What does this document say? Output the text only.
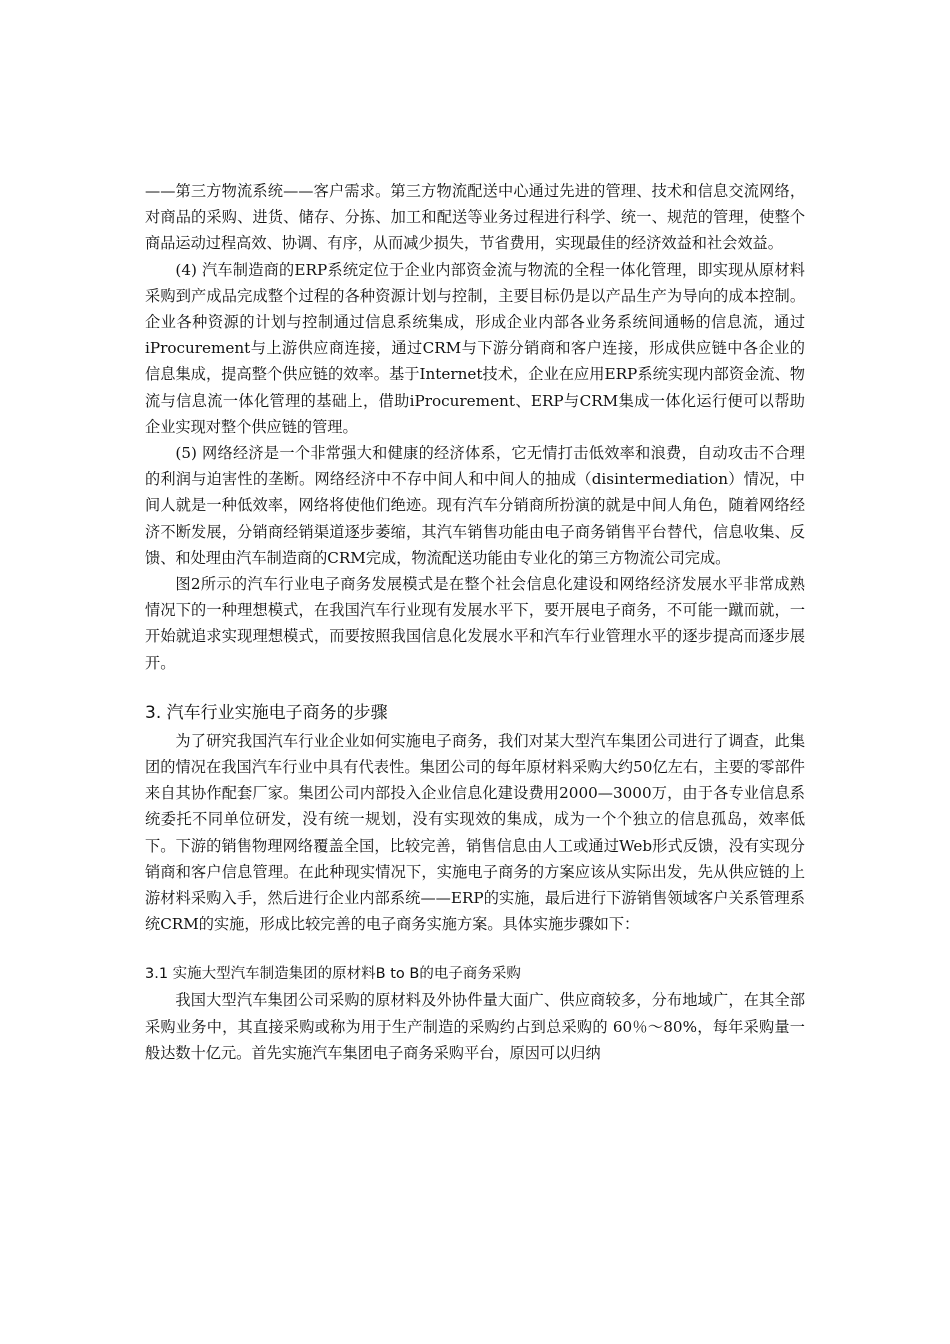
——第三方物流系统——客户需求。第三方物流配送中心通过先进的管理、技术和信息交流网络，对商品的采购、进货、储存、分拣、加工和配送等业务过程进行科学、统一、规范的管理，使整个商品运动过程高效、协调、有序，从而减少损失，节省费用，实现最佳的经济效益和社会效益。

(4) 汽车制造商的ERP系统定位于企业内部资金流与物流的全程一体化管理，即实现从原材料采购到产成品完成整个过程的各种资源计划与控制，主要目标仍是以产品生产为导向的成本控制。企业各种资源的计划与控制通过信息系统集成，形成企业内部各业务系统间通畅的信息流，通过iProcurement与上游供应商连接，通过CRM与下游分销商和客户连接，形成供应链中各企业的信息集成，提高整个供应链的效率。基于Internet技术，企业在应用ERP系统实现内部资金流、物流与信息流一体化管理的基础上，借助iProcurement、ERP与CRM集成一体化运行便可以帮助企业实现对整个供应链的管理。

(5) 网络经济是一个非常强大和健康的经济体系，它无情打击低效率和浪费，自动攻击不合理的利润与迫害性的垄断。网络经济中不存中间人和中间人的抽成（disintermediation）情况，中间人就是一种低效率，网络将使他们绝迹。现有汽车分销商所扮演的就是中间人角色，随着网络经济不断发展，分销商经销渠道逐步萎缩，其汽车销售功能由电子商务销售平台替代，信息收集、反馈、和处理由汽车制造商的CRM完成，物流配送功能由专业化的第三方物流公司完成。

图2所示的汽车行业电子商务发展模式是在整个社会信息化建设和网络经济发展水平非常成熟情况下的一种理想模式，在我国汽车行业现有发展水平下，要开展电子商务，不可能一蹴而就，一开始就追求实现理想模式，而要按照我国信息化发展水平和汽车行业管理水平的逐步提高而逐步展开。

3. 汽车行业实施电子商务的步骤

为了研究我国汽车行业企业如何实施电子商务，我们对某大型汽车集团公司进行了调查，此集团的情况在我国汽车行业中具有代表性。集团公司的每年原材料采购大约50亿左右，主要的零部件来自其协作配套厂家。集团公司内部投入企业信息化建设费用2000—3000万，由于各专业信息系统委托不同单位研发，没有统一规划，没有实现效的集成，成为一个个独立的信息孤岛，效率低下。下游的销售物理网络覆盖全国，比较完善，销售信息由人工或通过Web形式反馈，没有实现分销商和客户信息管理。在此种现实情况下，实施电子商务的方案应该从实际出发，先从供应链的上游材料采购入手，然后进行企业内部系统——ERP的实施，最后进行下游销售领域客户关系管理系统CRM的实施，形成比较完善的电子商务实施方案。具体实施步骤如下：

3.1 实施大型汽车制造集团的原材料B to B的电子商务采购

我国大型汽车集团公司采购的原材料及外协件量大面广、供应商较多，分布地域广，在其全部采购业务中，其直接采购或称为用于生产制造的采购约占到总采购的 60％～80%，每年采购量一般达数十亿元。首先实施汽车集团电子商务采购平台，原因可以归纳
